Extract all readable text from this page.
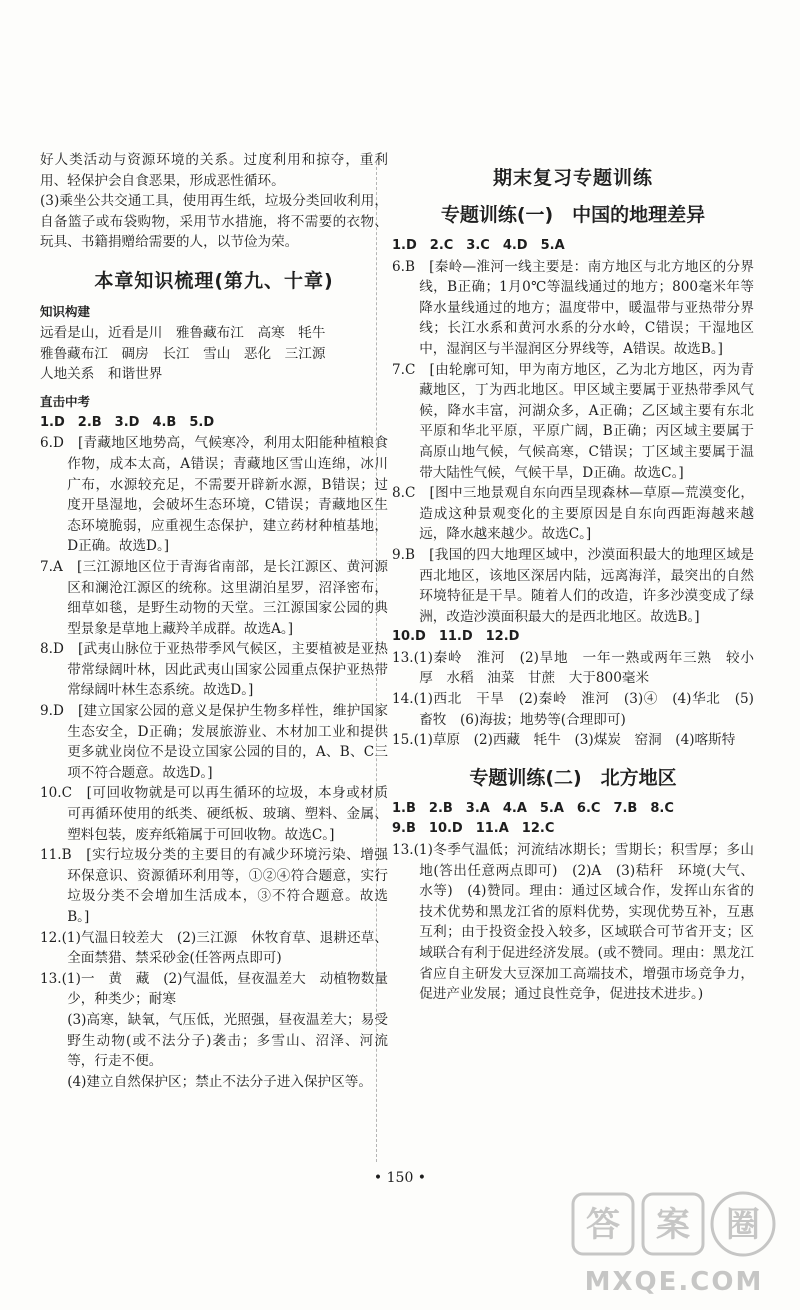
好人类活动与资源环境的关系。过度利用和掠夺，重利用、轻保护会自食恶果，形成恶性循环。

(3)乘坐公共交通工具，使用再生纸，垃圾分类回收利用，自备篮子或布袋购物，采用节水措施，将不需要的衣物、玩具、书籍捐赠给需要的人，以节俭为荣。

本章知识梳理(第九、十章)
知识构建

远看是山，近看是川　雅鲁藏布江　高寒　牦牛

雅鲁藏布江　碉房　长江　雪山　恶化　三江源

人地关系　和谐世界

直击中考

1.D　2.B　3.D　4.B　5.D

6.D　[青藏地区地势高，气候寒冷，利用太阳能种植粮食作物，成本太高，A错误；青藏地区雪山连绵，冰川广布，水源较充足，不需要开辟新水源，B错误；过度开垦湿地，会破坏生态环境，C错误；青藏地区生态环境脆弱，应重视生态保护，建立药材种植基地，D正确。故选D。]

7.A　[三江源地区位于青海省南部，是长江源区、黄河源区和澜沧江源区的统称。这里湖泊星罗，沼泽密布，细草如毯，是野生动物的天堂。三江源国家公园的典型景象是草地上藏羚羊成群。故选A。]

8.D　[武夷山脉位于亚热带季风气候区，主要植被是亚热带常绿阔叶林，因此武夷山国家公园重点保护亚热带常绿阔叶林生态系统。故选D。]

9.D　[建立国家公园的意义是保护生物多样性，维护国家生态安全，D正确；发展旅游业、木材加工业和提供更多就业岗位不是设立国家公园的目的，A、B、C三项不符合题意。故选D。]

10.C　[可回收物就是可以再生循环的垃圾，本身或材质可再循环使用的纸类、硬纸板、玻璃、塑料、金属、塑料包装，废弃纸箱属于可回收物。故选C。]

11.B　[实行垃圾分类的主要目的有减少环境污染、增强环保意识、资源循环利用等，①②④符合题意，实行垃圾分类不会增加生活成本，③不符合题意。故选B。]

12.(1)气温日较差大　(2)三江源　休牧育草、退耕还草、全面禁猎、禁采砂金(任答两点即可)

13.(1)一　黄　藏　(2)气温低，昼夜温差大　动植物数量少，种类少；耐寒
(3)高寒，缺氧，气压低，光照强，昼夜温差大；易受野生动物(或不法分子)袭击；多雪山、沼泽、河流等，行走不便。
(4)建立自然保护区；禁止不法分子进入保护区等。

期末复习专题训练
专题训练(一)　中国的地理差异

1.D　2.C　3.C　4.D　5.A

6.B　[秦岭—淮河一线主要是：南方地区与北方地区的分界线，B正确；1月0℃等温线通过的地方；800毫米年等降水量线通过的地方；温度带中，暖温带与亚热带分界线；长江水系和黄河水系的分水岭，C错误；干湿地区中，湿润区与半湿润区分界线等，A错误。故选B。]

7.C　[由轮廓可知，甲为南方地区，乙为北方地区，丙为青藏地区，丁为西北地区。甲区域主要属于亚热带季风气候，降水丰富，河湖众多，A正确；乙区域主要有东北平原和华北平原，平原广阔，B正确；丙区域主要属于高原山地气候，气候高寒，C错误；丁区域主要属于温带大陆性气候，气候干旱，D正确。故选C。]

8.C　[图中三地景观自东向西呈现森林—草原—荒漠变化，造成这种景观变化的主要原因是自东向西距海越来越远，降水越来越少。故选C。]

9.B　[我国的四大地理区域中，沙漠面积最大的地理区域是西北地区，该地区深居内陆，远离海洋，最突出的自然环境特征是干旱。随着人们的改造，许多沙漠变成了绿洲，改造沙漠面积最大的是西北地区。故选B。]

10.D　11.D　12.D

13.(1)秦岭　淮河　(2)旱地　一年一熟或两年三熟　较小　厚　水稻　油菜　甘蔗　大于800毫米

14.(1)西北　干旱　(2)秦岭　淮河　(3)④　(4)华北　(5)畜牧　(6)海拔；地势等(合理即可)

15.(1)草原　(2)西藏　牦牛　(3)煤炭　窑洞　(4)喀斯特

专题训练(二)　北方地区

1.B　2.B　3.A　4.A　5.A　6.C　7.B　8.C

9.B　10.D　11.A　12.C

13.(1)冬季气温低；河流结冰期长；雪期长；积雪厚；多山地(答出任意两点即可)　(2)A　(3)秸秆　环境(大气、水等)　(4)赞同。理由：通过区域合作，发挥山东省的技术优势和黑龙江省的原料优势，实现优势互补，互惠互利；由于投资金投入较多，区域联合可节省开支；区域联合有利于促进经济发展。(或不赞同。理由：黑龙江省应自主研发大豆深加工高端技术，增强市场竞争力，促进产业发展；通过良性竞争，促进技术进步。)

• 150 •
答 案 圈
MXQE.COM
